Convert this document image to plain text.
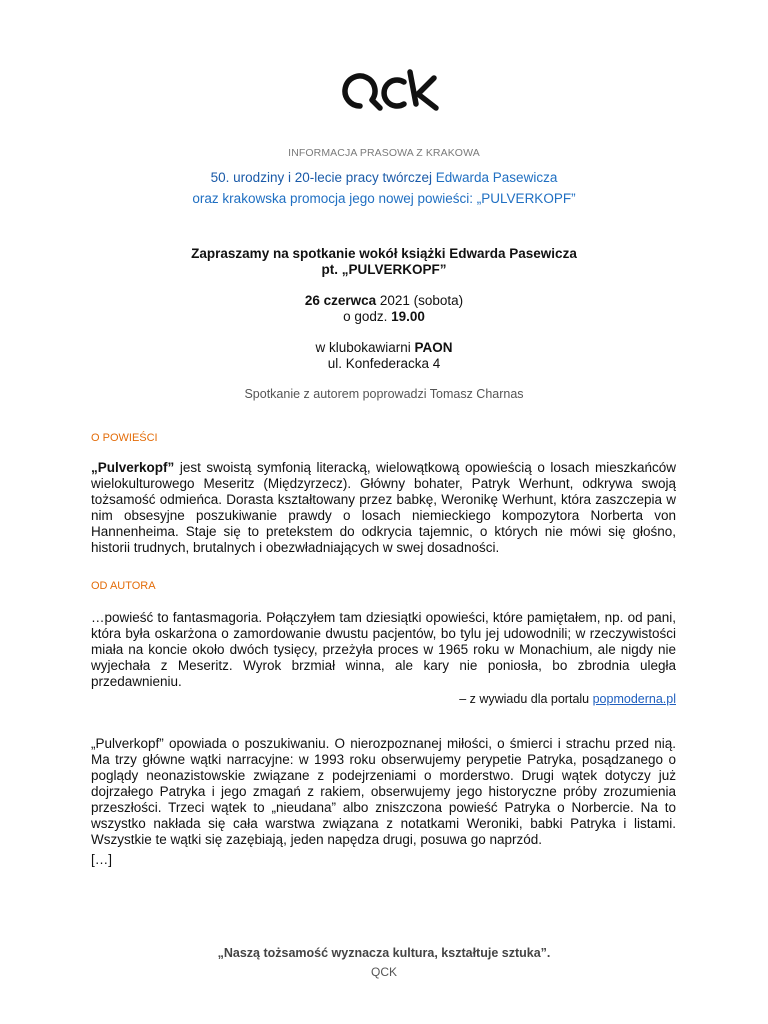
INFORMACJA PRASOWA Z KRAKOWA
50. urodziny i 20-lecie pracy twórczej Edwarda Pasewicza
oraz krakowska promocja jego nowej powieści: „PULVERKOPF”
Zapraszamy na spotkanie wokół książki Edwarda Pasewicza
pt. „PULVERKOPF”
26 czerwca 2021 (sobota)
o godz. 19.00
w klubokawiarni PAON
ul. Konfederacka 4
Spotkanie z autorem poprowadzi Tomasz Charnas
O POWIEŚCI
„Pulverkopf” jest swoistą symfonią literacką, wielowątkową opowieścią o losach mieszkańców wielokulturowego Meseritz (Międzyrzecz). Główny bohater, Patryk Werhunt, odkrywa swoją tożsamość odmieńca. Dorasta kształtowany przez babkę, Weronikę Werhunt, która zaszczepia w nim obsesyjne poszukiwanie prawdy o losach niemieckiego kompozytora Norberta von Hannenheima. Staje się to pretekstem do odkrycia tajemnic, o których nie mówi się głośno, historii trudnych, brutalnych i obezwładniających w swej dosadności.
OD AUTORA
…powieść to fantasmagoria. Połączyłem tam dziesiątki opowieści, które pamiętałem, np. od pani, która była oskarżona o zamordowanie dwustu pacjentów, bo tylu jej udowodnili; w rzeczywistości miała na koncie około dwóch tysięcy, przeżyła proces w 1965 roku w Monachium, ale nigdy nie wyjechała z Meseritz. Wyrok brzmiał winna, ale kary nie poniosła, bo zbrodnia uległa przedawnieniu.
– z wywiadu dla portalu popmoderna.pl
„Pulverkopf” opowiada o poszukiwaniu. O nierozpoznanej miłości, o śmierci i strachu przed nią. Ma trzy główne wątki narracyjne: w 1993 roku obserwujemy perypetie Patryka, posądzanego o poglądy neonazistowskie związane z podejrzeniami o morderstwo. Drugi wątek dotyczy już dojrzałego Patryka i jego zmagań z rakiem, obserwujemy jego historyczne próby zrozumienia przeszłości. Trzeci wątek to „nieudana” albo zniszczona powieść Patryka o Norbercie. Na to wszystko nakłada się cała warstwa związana z notatkami Weroniki, babki Patryka i listami. Wszystkie te wątki się zazębiają, jeden napędza drugi, posuwa go naprzód.
[…]
„Naszą tożsamość wyznacza kultura, kształtuje sztuka”.
QCK
